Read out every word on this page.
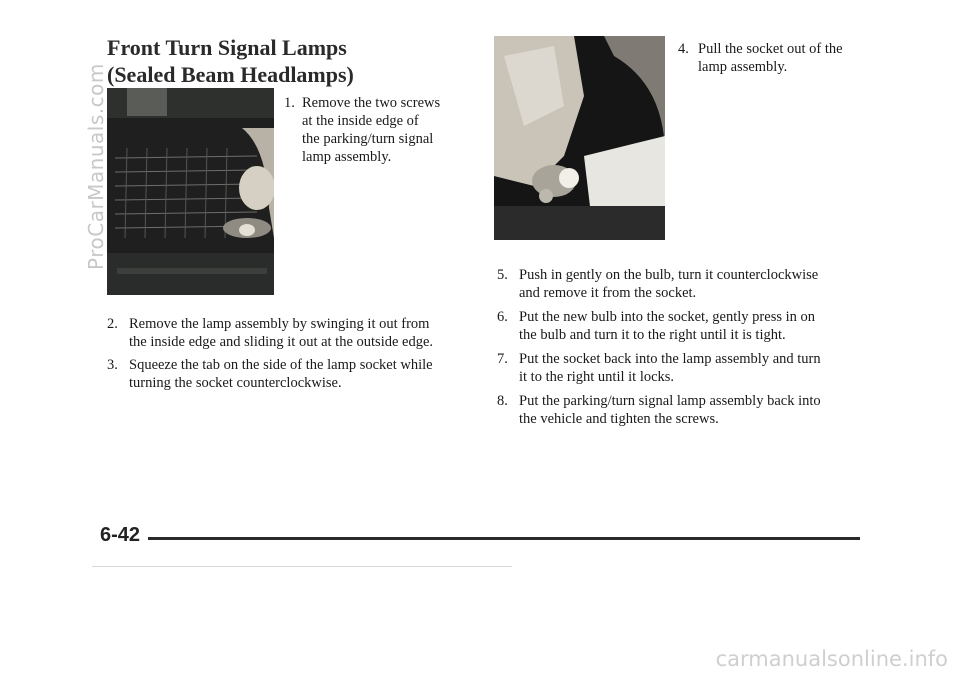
Front Turn Signal Lamps
(Sealed Beam Headlamps)
1. Remove the two screws
at the inside edge of
the parking/turn signal
lamp assembly.
2. Remove the lamp assembly by swinging it out from
the inside edge and sliding it out at the outside edge.
3. Squeeze the tab on the side of the lamp socket while
turning the socket counterclockwise.
4. Pull the socket out of the
lamp assembly.
5. Push in gently on the bulb, turn it counterclockwise
and remove it from the socket.
6. Put the new bulb into the socket, gently press in on
the bulb and turn it to the right until it is tight.
7. Put the socket back into the lamp assembly and turn
it to the right until it locks.
8. Put the parking/turn signal lamp assembly back into
the vehicle and tighten the screws.
6-42
ProCarManuals.com
carmanualsonline.info
